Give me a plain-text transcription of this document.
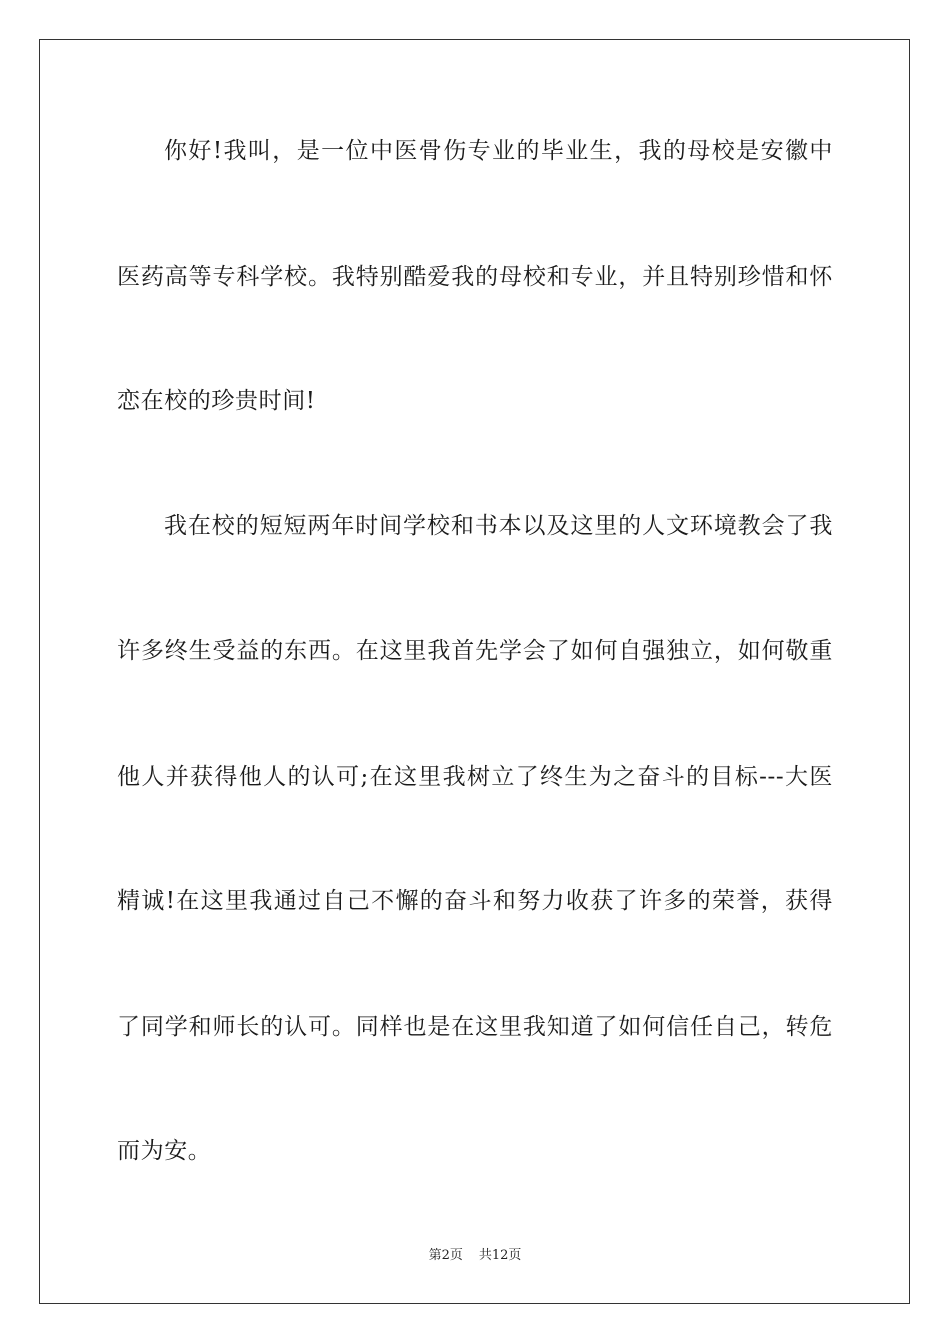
你好!我叫，是一位中医骨伤专业的毕业生，我的母校是安徽中
医药高等专科学校。我特别酷爱我的母校和专业，并且特别珍惜和怀
恋在校的珍贵时间!
我在校的短短两年时间学校和书本以及这里的人文环境教会了我
许多终生受益的东西。在这里我首先学会了如何自强独立，如何敬重
他人并获得他人的认可;在这里我树立了终生为之奋斗的目标---大医
精诚!在这里我通过自己不懈的奋斗和努力收获了许多的荣誉，获得
了同学和师长的认可。同样也是在这里我知道了如何信任自己，转危
而为安。
第2页 共12页
